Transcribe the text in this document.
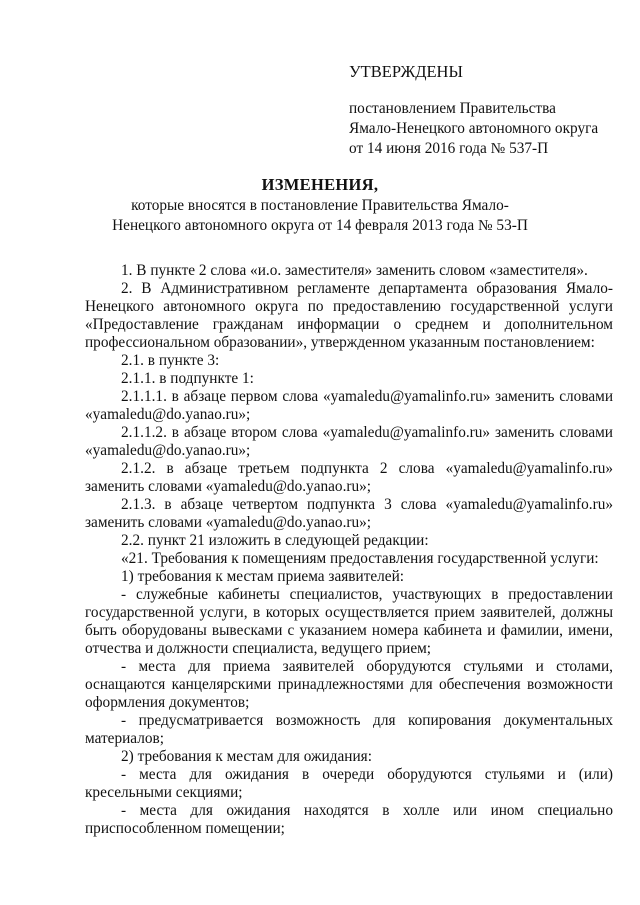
УТВЕРЖДЕНЫ
постановлением Правительства
Ямало-Ненецкого автономного округа
от 14 июня 2016 года № 537-П
ИЗМЕНЕНИЯ,
которые вносятся в постановление Правительства Ямало-Ненецкого автономного округа от 14 февраля 2013 года № 53-П

1. В пункте 2 слова «и.о. заместителя» заменить словом «заместителя».

2. В Административном регламенте департамента образования Ямало-Ненецкого автономного округа по предоставлению государственной услуги «Предоставление гражданам информации о среднем и дополнительном профессиональном образовании», утвержденном указанным постановлением:

2.1. в пункте 3:

2.1.1. в подпункте 1:

2.1.1.1. в абзаце первом слова «yamaledu@yamalinfo.ru» заменить словами «yamaledu@do.yanao.ru»;

2.1.1.2. в абзаце втором слова «yamaledu@yamalinfo.ru» заменить словами «yamaledu@do.yanao.ru»;

2.1.2. в абзаце третьем подпункта 2 слова «yamaledu@yamalinfo.ru» заменить словами «yamaledu@do.yanao.ru»;

2.1.3. в абзаце четвертом подпункта 3 слова «yamaledu@yamalinfo.ru» заменить словами «yamaledu@do.yanao.ru»;

2.2. пункт 21 изложить в следующей редакции:

«21. Требования к помещениям предоставления государственной услуги:

1) требования к местам приема заявителей:

- служебные кабинеты специалистов, участвующих в предоставлении государственной услуги, в которых осуществляется прием заявителей, должны быть оборудованы вывесками с указанием номера кабинета и фамилии, имени, отчества и должности специалиста, ведущего прием;

- места для приема заявителей оборудуются стульями и столами, оснащаются канцелярскими принадлежностями для обеспечения возможности оформления документов;

- предусматривается возможность для копирования документальных материалов;

2) требования к местам для ожидания:

- места для ожидания в очереди оборудуются стульями и (или) кресельными секциями;

- места для ожидания находятся в холле или ином специально приспособленном помещении;
